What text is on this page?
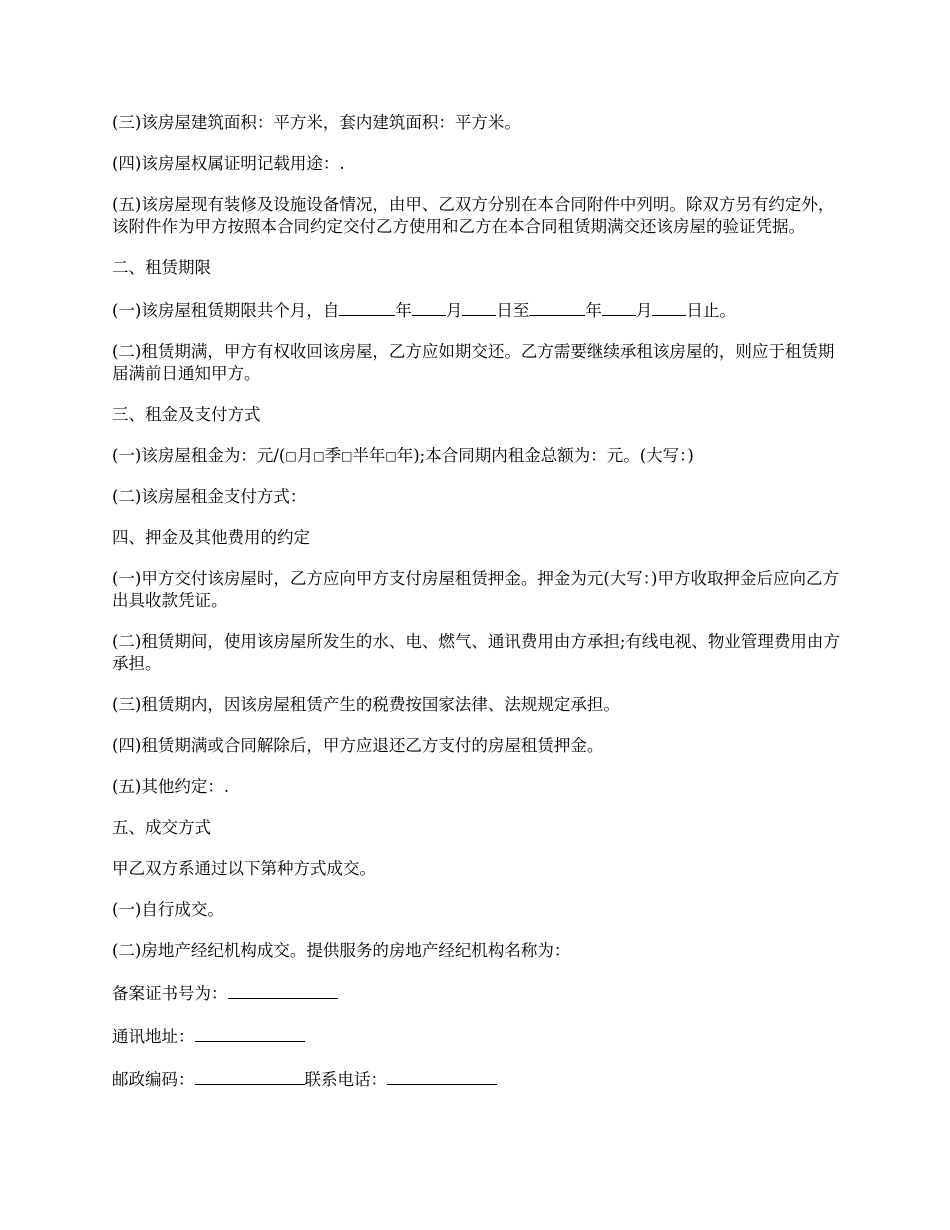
(三)该房屋建筑面积：平方米，套内建筑面积：平方米。

(四)该房屋权属证明记载用途：.

(五)该房屋现有装修及设施设备情况，由甲、乙双方分别在本合同附件中列明。除双方另有约定外，该附件作为甲方按照本合同约定交付乙方使用和乙方在本合同租赁期满交还该房屋的验证凭据。

二、租赁期限

(一)该房屋租赁期限共个月，自	年 月 日至	年 月 日止。

(二)租赁期满，甲方有权收回该房屋，乙方应如期交还。乙方需要继续承租该房屋的，则应于租赁期届满前日通知甲方。

三、租金及支付方式

(一)该房屋租金为：元/(□月□季□半年□年);本合同期内租金总额为：元。(大写：)

(二)该房屋租金支付方式：

四、押金及其他费用的约定

(一)甲方交付该房屋时，乙方应向甲方支付房屋租赁押金。押金为元(大写：)甲方收取押金后应向乙方出具收款凭证。

(二)租赁期间，使用该房屋所发生的水、电、燃气、通讯费用由方承担;有线电视、物业管理费用由方承担。

(三)租赁期内，因该房屋租赁产生的税费按国家法律、法规规定承担。

(四)租赁期满或合同解除后，甲方应退还乙方支付的房屋租赁押金。

(五)其他约定：.

五、成交方式

甲乙双方系通过以下第种方式成交。

(一)自行成交。

(二)房地产经纪机构成交。提供服务的房地产经纪机构名称为：

备案证书号为：

通讯地址：

邮政编码：	联系电话：
